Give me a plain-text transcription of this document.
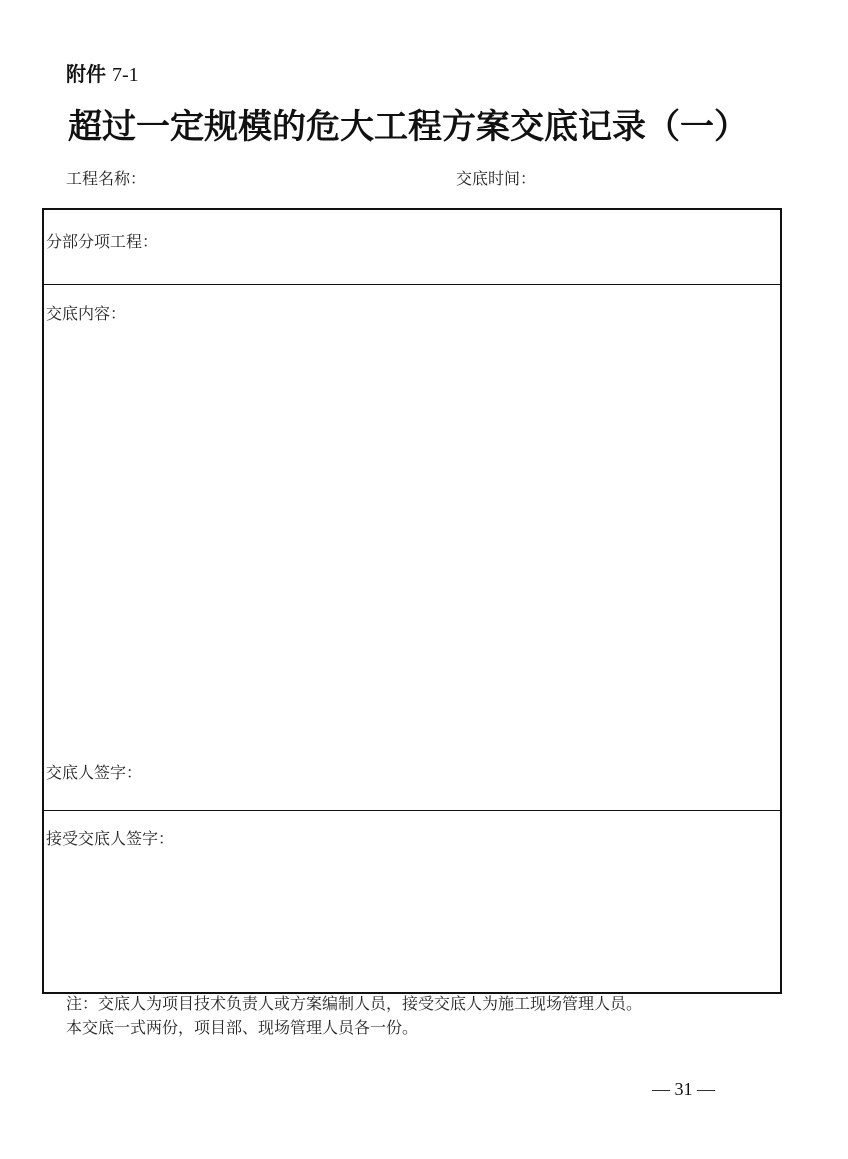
附件 7-1
超过一定规模的危大工程方案交底记录（一）
工程名称：	交底时间：
分部分项工程：
交底内容：
交底人签字：
接受交底人签字：
注：交底人为项目技术负责人或方案编制人员，接受交底人为施工现场管理人员。
本交底一式两份，项目部、现场管理人员各一份。
— 31 —
